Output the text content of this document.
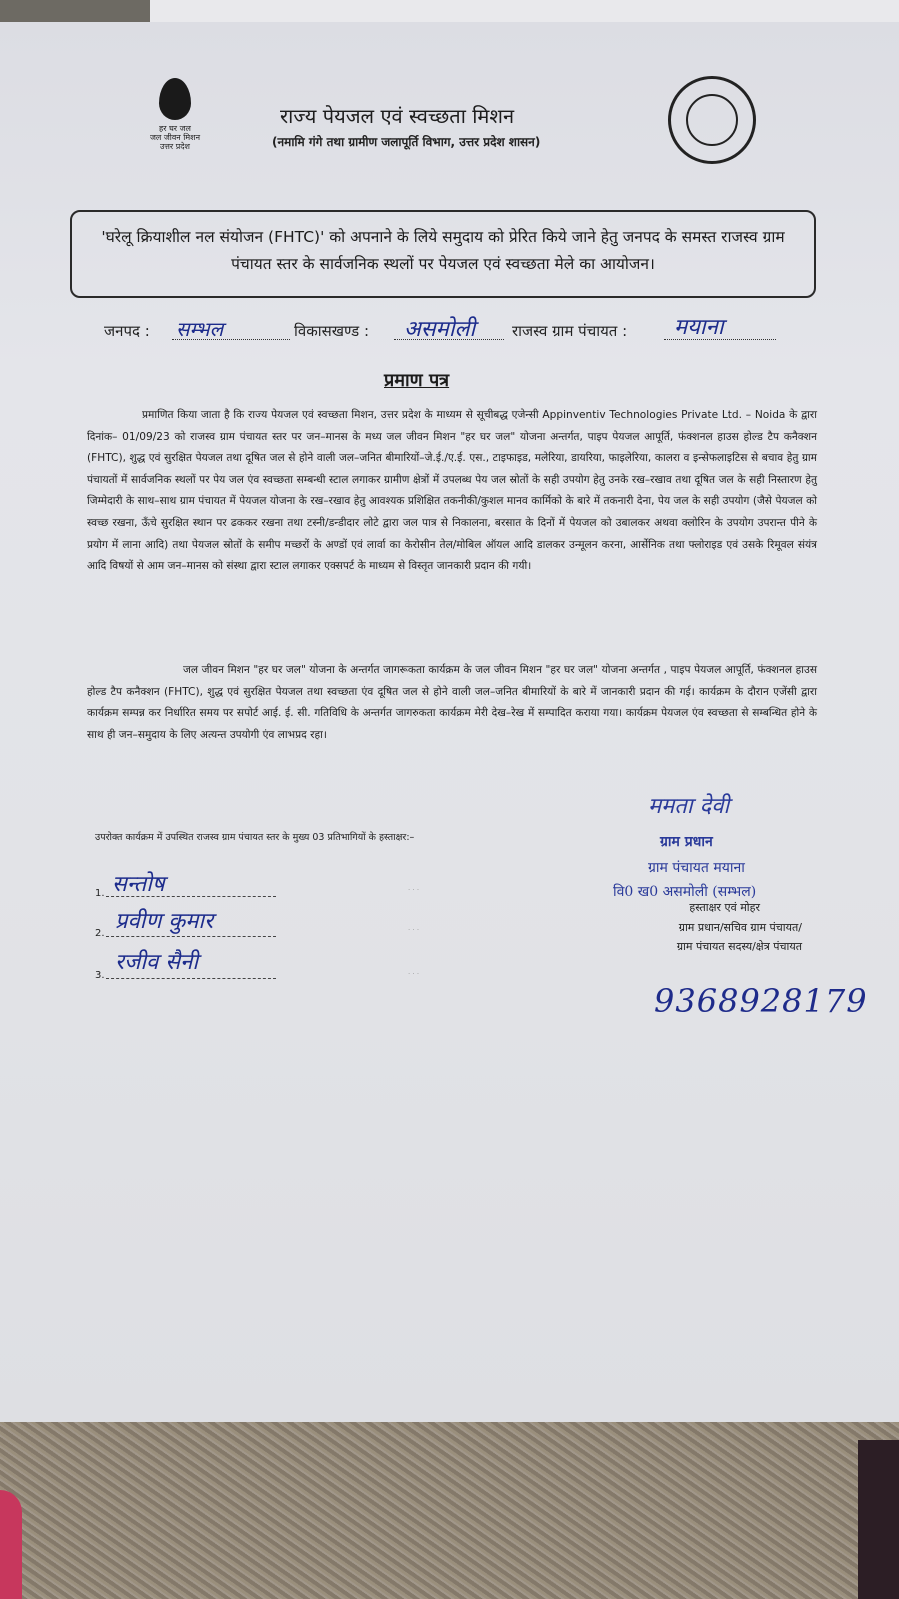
हर घर जल
जल जीवन मिशन
उत्तर प्रदेश
राज्य पेयजल एवं स्वच्छता मिशन
(नमामि गंगे तथा ग्रामीण जलापूर्ति विभाग, उत्तर प्रदेश शासन)
'घरेलू क्रियाशील नल संयोजन (FHTC)' को अपनाने के लिये समुदाय को प्रेरित किये जाने हेतु जनपद के समस्त राजस्व ग्राम पंचायत स्तर के सार्वजनिक स्थलों पर पेयजल एवं स्वच्छता मेले का आयोजन।
जनपद : सम्भल	विकासखण्ड : असमोली राजस्व ग्राम पंचायत : मयाना
प्रमाण पत्र
प्रमाणित किया जाता है कि राज्य पेयजल एवं स्वच्छता मिशन, उत्तर प्रदेश के माध्यम से सूचीबद्ध एजेन्सी Appinventiv Technologies Private Ltd. – Noida के द्वारा दिनांक– 01/09/23 को राजस्व ग्राम पंचायत स्तर पर जन–मानस के मध्य जल जीवन मिशन "हर घर जल" योजना अन्तर्गत, पाइप पेयजल आपूर्ति, फंक्शनल हाउस होल्ड टैप कनैक्शन (FHTC), शुद्ध एवं सुरक्षित पेयजल तथा दूषित जल से होने वाली जल–जनित बीमारियों–जे.ई./ए.ई. एस., टाइफाइड, मलेरिया, डायरिया, फाइलेरिया, कालरा व इन्सेफलाइटिस से बचाव हेतु ग्राम पंचायतों में सार्वजनिक स्थलों पर पेय जल एंव स्वच्छता सम्बन्धी स्टाल लगाकर ग्रामीण क्षेत्रों में उपलब्ध पेय जल स्रोतों के सही उपयोग हेतु उनके रख–रखाव तथा दूषित जल के सही निस्तारण हेतु जिम्मेदारी के साथ–साथ ग्राम पंचायत में पेयजल योजना के रख–रखाव हेतु आवश्यक प्रशिक्षित तकनीकी/कुशल मानव कार्मिको के बारे में तकनारी देना, पेय जल के सही उपयोग (जैसे पेयजल को स्वच्छ रखना, ऊँचे सुरक्षित स्थान पर ढककर रखना तथा टस्नी/डन्डीदार लोटे द्वारा जल पात्र से निकालना, बरसात के दिनों में पेयजल को उबालकर अथवा क्लोरिन के उपयोग उपरान्त पीने के प्रयोग में लाना आदि) तथा पेयजल स्रोतों के समीप मच्छरों के अण्डों एवं लार्वा का केरोसीन तेल/मोबिल ऑयल आदि डालकर उन्मूलन करना, आर्सेनिक तथा फ्लोराइड एवं उसके रिमूवल संयंत्र आदि विषयों से आम जन–मानस को संस्था द्वारा स्टाल लगाकर एक्सपर्ट के माध्यम से विस्तृत जानकारी प्रदान की गयी।
जल जीवन मिशन "हर घर जल" योजना के अन्तर्गत जागरूकता कार्यक्रम के जल जीवन मिशन "हर घर जल" योजना अन्तर्गत , पाइप पेयजल आपूर्ति, फंक्शनल हाउस होल्ड टैप कनैक्शन (FHTC), शुद्ध एवं सुरक्षित पेयजल तथा स्वच्छता एंव दूषित जल से होने वाली जल–जनित बीमारियों के बारे में जानकारी प्रदान की गई। कार्यक्रम के दौरान एजेंसी द्वारा कार्यक्रम सम्पन्न कर निर्धारित समय पर सपोर्ट आई. ई. सी. गतिविधि के अन्तर्गत जागरुकता कार्यक्रम मेरी देख–रेख में सम्पादित कराया गया। कार्यक्रम पेयजल एंव स्वच्छता से सम्बन्धित होने के साथ ही जन–समुदाय के लिए अत्यन्त उपयोगी एंव लाभप्रद रहा।
उपरोक्त कार्यक्रम में उपस्थित राजस्व ग्राम पंचायत स्तर के मुख्य 03 प्रतिभागियों के हस्ताक्षर:–
1. सन्तोष	· · ·
2. प्रवीण कुमार	· · ·
3.
रजीव सैनी	· · ·
ममता देवी
ग्राम प्रधान
ग्राम पंचायत मयाना
वि0 ख0 असमोली (सम्भल)
हस्ताक्षर एवं मोहर
ग्राम प्रधान/सचिव ग्राम पंचायत/
ग्राम पंचायत सदस्य/क्षेत्र पंचायत
9368928179
